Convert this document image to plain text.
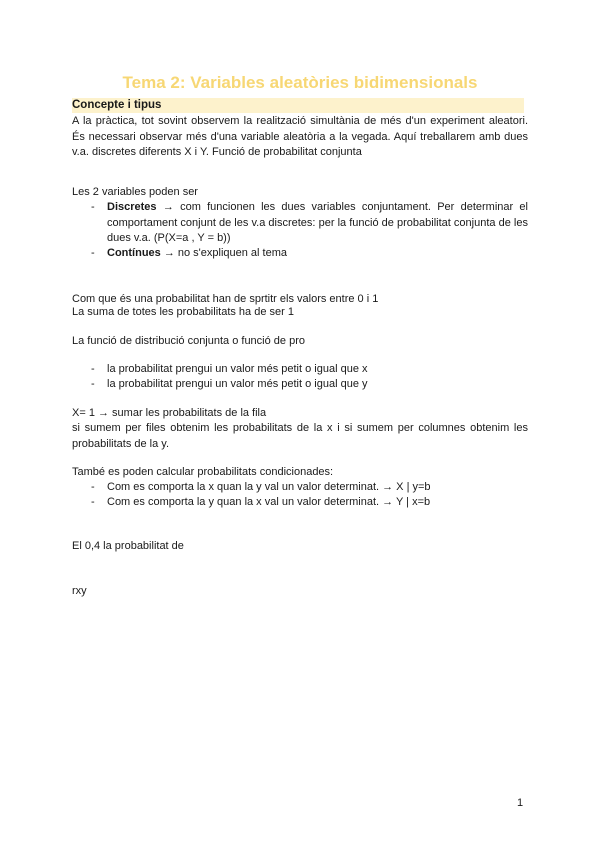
Tema 2: Variables aleatòries bidimensionals
Concepte i tipus
A la pràctica, tot sovint observem la realització simultània de més d'un experiment aleatori. És necessari observar més d'una variable aleatòria a la vegada. Aquí treballarem amb dues v.a. discretes diferents X i Y. Funció de probabilitat conjunta
Les 2 variables poden ser
- Discretes → com funcionen les dues variables conjuntament. Per determinar el comportament conjunt de les v.a discretes: per la funció de probabilitat conjunta de les dues v.a. (P(X=a , Y = b))
- Contínues → no s'expliquen al tema
Com que és una probabilitat han de sprtitr els valors entre 0 i 1
La suma de totes les probabilitats ha de ser 1
La funció de distribució conjunta o funció de pro
- la probabilitat prengui un valor més petit o igual que x
- la probabilitat prengui un valor més petit o igual que y
X= 1 → sumar les probabilitats de la fila
si sumem per files obtenim les probabilitats de la x i si sumem per columnes obtenim les probabilitats de la y.
També es poden calcular probabilitats condicionades:
- Com es comporta la x quan la y val un valor determinat. → X | y=b
- Com es comporta la y quan la x val un valor determinat. → Y | x=b
El 0,4 la probabilitat de
rxy
1
